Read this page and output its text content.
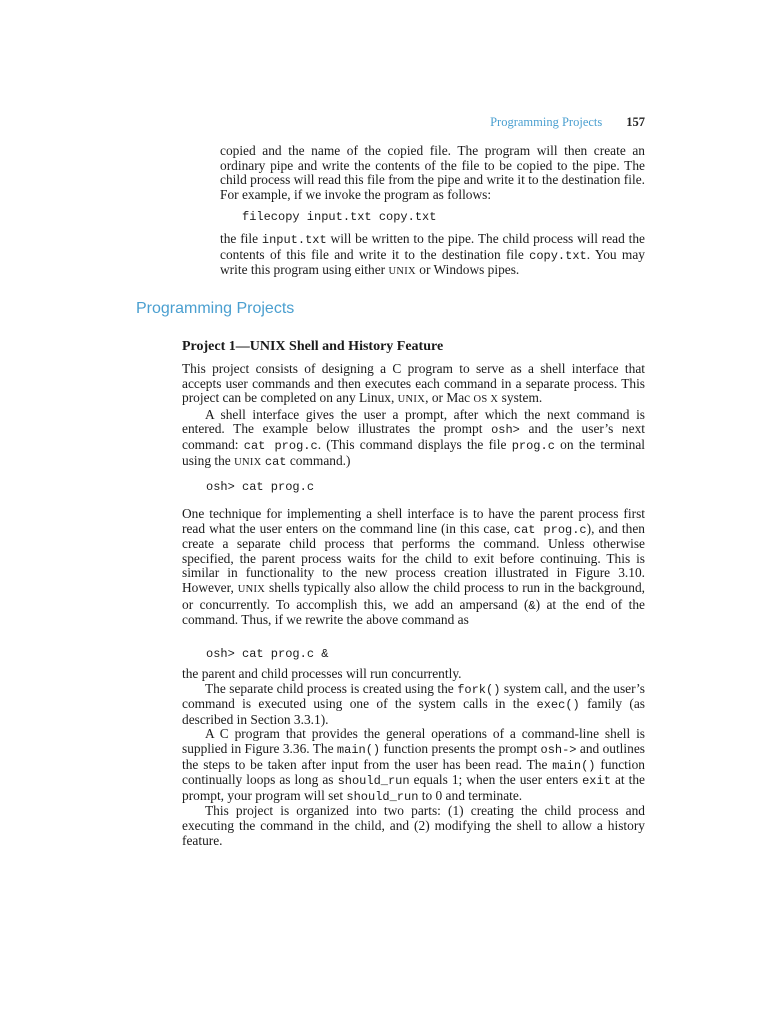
Programming Projects 157

copied and the name of the copied file. The program will then create an ordinary pipe and write the contents of the file to be copied to the pipe. The child process will read this file from the pipe and write it to the destination file. For example, if we invoke the program as follows:

filecopy input.txt copy.txt

the file input.txt will be written to the pipe. The child process will read the contents of this file and write it to the destination file copy.txt. You may write this program using either UNIX or Windows pipes.

Programming Projects
Project 1—UNIX Shell and History Feature

This project consists of designing a C program to serve as a shell interface that accepts user commands and then executes each command in a separate process. This project can be completed on any Linux, UNIX, or Mac OS X system.

A shell interface gives the user a prompt, after which the next command is entered. The example below illustrates the prompt osh> and the user’s next command: cat prog.c. (This command displays the file prog.c on the terminal using the UNIX cat command.)

osh> cat prog.c

One technique for implementing a shell interface is to have the parent process first read what the user enters on the command line (in this case, cat prog.c), and then create a separate child process that performs the command. Unless otherwise specified, the parent process waits for the child to exit before continuing. This is similar in functionality to the new process creation illustrated in Figure 3.10. However, UNIX shells typically also allow the child process to run in the background, or concurrently. To accomplish this, we add an ampersand (&) at the end of the command. Thus, if we rewrite the above command as

osh> cat prog.c &

the parent and child processes will run concurrently.

The separate child process is created using the fork() system call, and the user’s command is executed using one of the system calls in the exec() family (as described in Section 3.3.1).

A C program that provides the general operations of a command-line shell is supplied in Figure 3.36. The main() function presents the prompt osh-> and outlines the steps to be taken after input from the user has been read. The main() function continually loops as long as should_run equals 1; when the user enters exit at the prompt, your program will set should_run to 0 and terminate.

This project is organized into two parts: (1) creating the child process and executing the command in the child, and (2) modifying the shell to allow a history feature.
